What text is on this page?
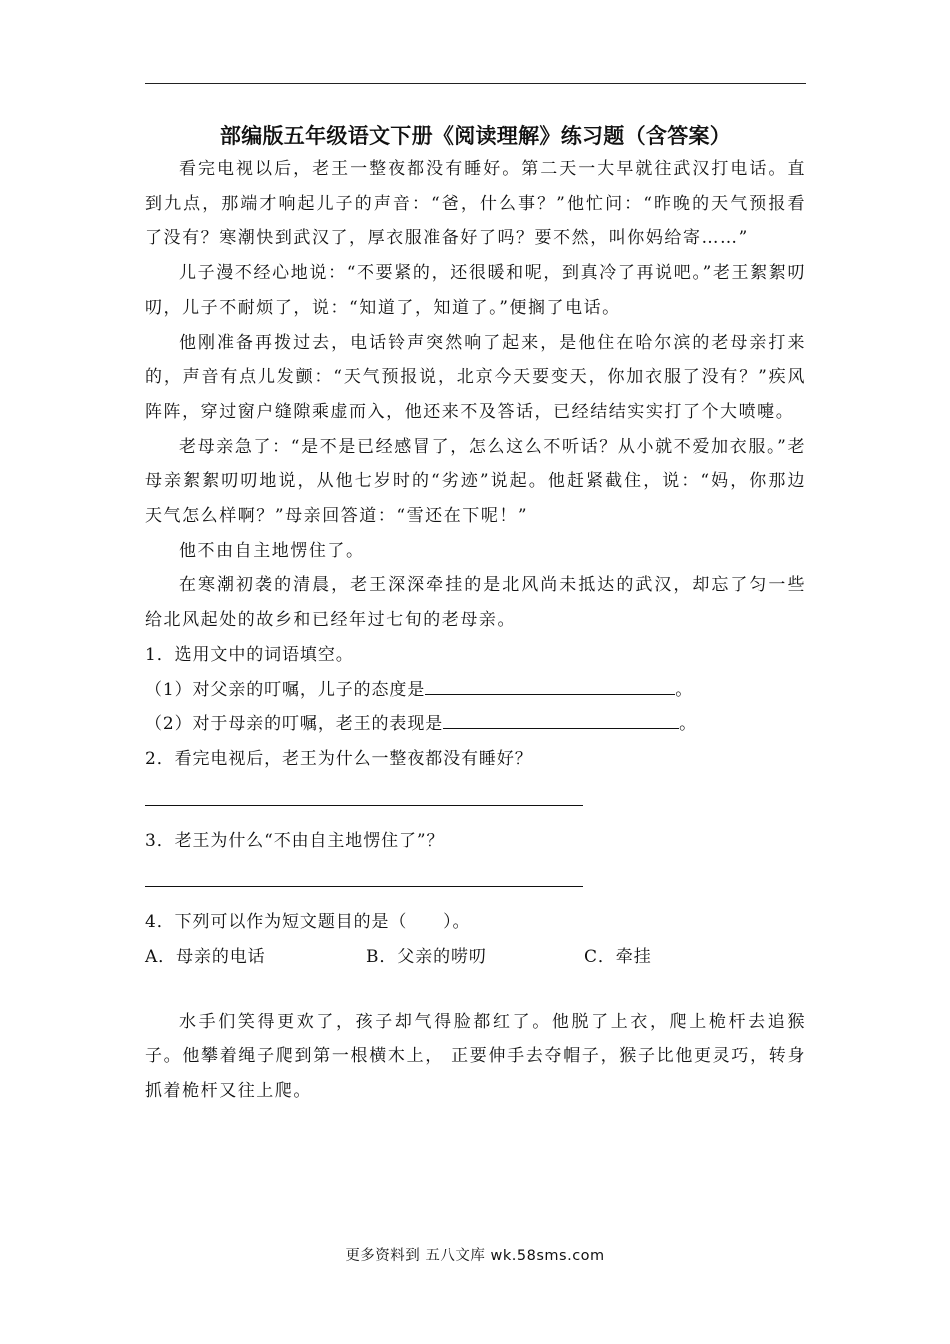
部编版五年级语文下册《阅读理解》练习题（含答案）

看完电视以后，老王一整夜都没有睡好。第二天一大早就往武汉打电话。直到九点，那端才响起儿子的声音：“爸，什么事？”他忙问：“昨晚的天气预报看了没有？寒潮快到武汉了，厚衣服准备好了吗？要不然，叫你妈给寄……”

儿子漫不经心地说：“不要紧的，还很暖和呢，到真冷了再说吧。”老王絮絮叨叨，儿子不耐烦了，说：“知道了，知道了。”便搁了电话。

他刚准备再拨过去，电话铃声突然响了起来，是他住在哈尔滨的老母亲打来的，声音有点儿发颤：“天气预报说，北京今天要变天，你加衣服了没有？”疾风阵阵，穿过窗户缝隙乘虚而入，他还来不及答话，已经结结实实打了个大喷嚏。

老母亲急了：“是不是已经感冒了，怎么这么不听话？从小就不爱加衣服。”老母亲絮絮叨叨地说，从他七岁时的“劣迹”说起。他赶紧截住，说：“妈，你那边天气怎么样啊？”母亲回答道：“雪还在下呢！”

他不由自主地愣住了。

在寒潮初袭的清晨，老王深深牵挂的是北风尚未抵达的武汉，却忘了匀一些给北风起处的故乡和已经年过七旬的老母亲。

1．选用文中的词语填空。

（1）对父亲的叮嘱，儿子的态度是	。

（2）对于母亲的叮嘱，老王的表现是	。

2．看完电视后，老王为什么一整夜都没有睡好？

3．老王为什么“不由自主地愣住了”？

4．下列可以作为短文题目的是（　　）。

A．母亲的电话	B．父亲的唠叨	C．牵挂

水手们笑得更欢了，孩子却气得脸都红了。他脱了上衣，爬上桅杆去追猴子。他攀着绳子爬到第一根横木上， 正要伸手去夺帽子，猴子比他更灵巧，转身抓着桅杆又往上爬。

更多资料到 五八文库 wk.58sms.com
